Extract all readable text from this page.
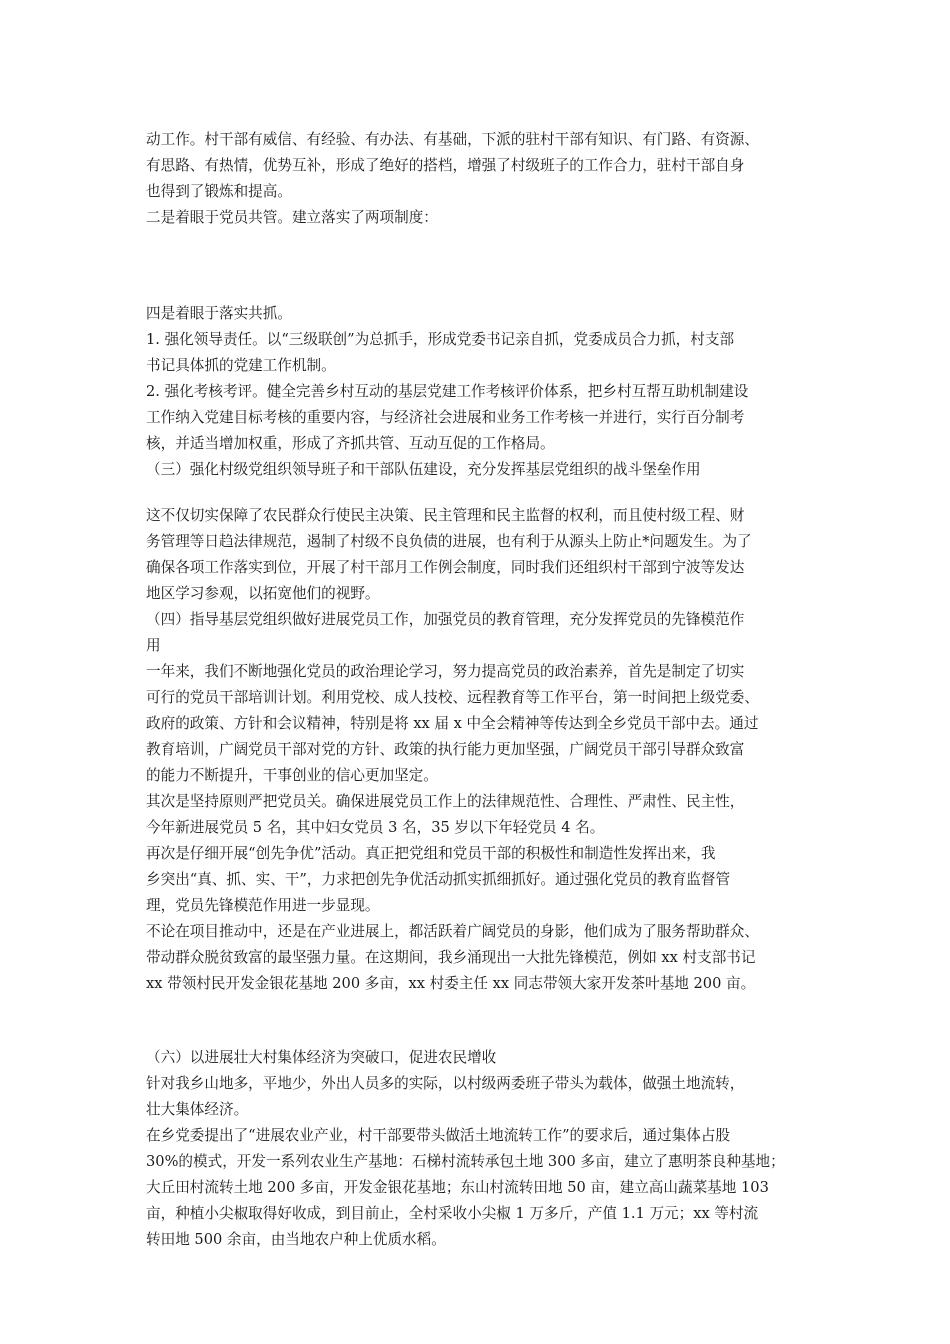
动工作。村干部有威信、有经验、有办法、有基础，下派的驻村干部有知识、有门路、有资源、

有思路、有热情，优势互补，形成了绝好的搭档，增强了村级班子的工作合力，驻村干部自身

也得到了锻炼和提高。

二是着眼于党员共管。建立落实了两项制度：

四是着眼于落实共抓。

1. 强化领导责任。以“三级联创”为总抓手，形成党委书记亲自抓，党委成员合力抓，村支部

书记具体抓的党建工作机制。

2. 强化考核考评。健全完善乡村互动的基层党建工作考核评价体系，把乡村互帮互助机制建设

工作纳入党建目标考核的重要内容，与经济社会进展和业务工作考核一并进行，实行百分制考

核，并适当增加权重，形成了齐抓共管、互动互促的工作格局。

（三）强化村级党组织领导班子和干部队伍建设，充分发挥基层党组织的战斗堡垒作用

这不仅切实保障了农民群众行使民主决策、民主管理和民主监督的权利，而且使村级工程、财

务管理等日趋法律规范，遏制了村级不良负债的进展，也有利于从源头上防止*问题发生。为了

确保各项工作落实到位，开展了村干部月工作例会制度，同时我们还组织村干部到宁波等发达

地区学习参观，以拓宽他们的视野。

（四）指导基层党组织做好进展党员工作，加强党员的教育管理，充分发挥党员的先锋模范作

用

一年来，我们不断地强化党员的政治理论学习，努力提高党员的政治素养，首先是制定了切实

可行的党员干部培训计划。利用党校、成人技校、远程教育等工作平台，第一时间把上级党委、

政府的政策、方针和会议精神，特别是将 xx 届 x 中全会精神等传达到全乡党员干部中去。通过

教育培训，广阔党员干部对党的方针、政策的执行能力更加坚强，广阔党员干部引导群众致富

的能力不断提升，干事创业的信心更加坚定。

其次是坚持原则严把党员关。确保进展党员工作上的法律规范性、合理性、严肃性、民主性，

今年新进展党员 5 名，其中妇女党员 3 名，35 岁以下年轻党员 4 名。

再次是仔细开展“创先争优”活动。真正把党组和党员干部的积极性和制造性发挥出来，我

乡突出“真、抓、实、干”，力求把创先争优活动抓实抓细抓好。通过强化党员的教育监督管

理，党员先锋模范作用进一步显现。

不论在项目推动中，还是在产业进展上，都活跃着广阔党员的身影，他们成为了服务帮助群众、

带动群众脱贫致富的最坚强力量。在这期间，我乡涌现出一大批先锋模范，例如 xx 村支部书记

xx 带领村民开发金银花基地 200 多亩，xx 村委主任 xx 同志带领大家开发茶叶基地 200 亩。

（六）以进展壮大村集体经济为突破口，促进农民增收

针对我乡山地多，平地少，外出人员多的实际，以村级两委班子带头为载体，做强土地流转，

壮大集体经济。

在乡党委提出了“进展农业产业，村干部要带头做活土地流转工作”的要求后，通过集体占股

30%的模式，开发一系列农业生产基地：石梯村流转承包土地 300 多亩，建立了惠明茶良种基地；

大丘田村流转土地 200 多亩，开发金银花基地；东山村流转田地 50 亩，建立高山蔬菜基地 103

亩，种植小尖椒取得好收成，到目前止，全村采收小尖椒 1 万多斤，产值 1.1 万元；xx 等村流

转田地 500 余亩，由当地农户种上优质水稻。
